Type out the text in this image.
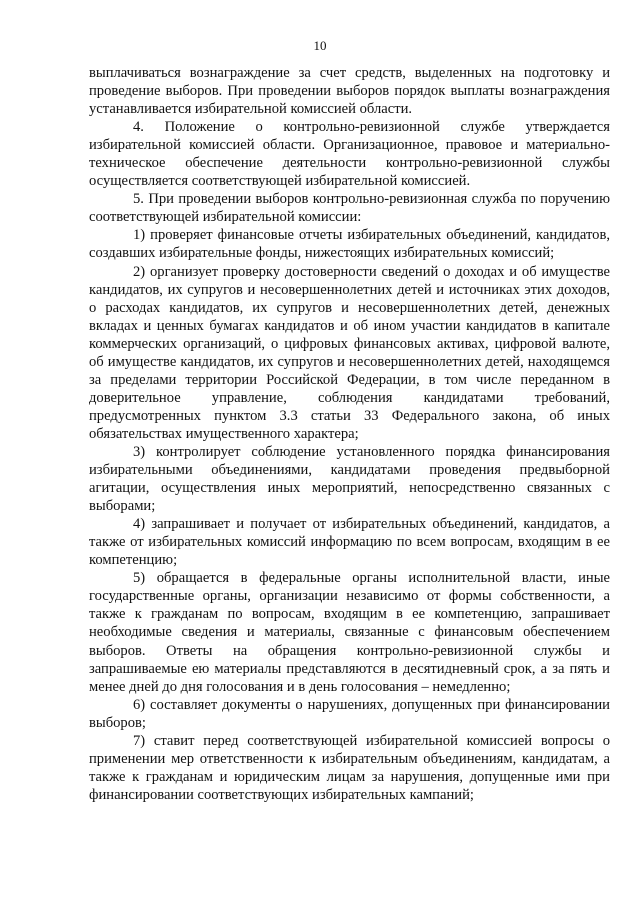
10

выплачиваться вознаграждение за счет средств, выделенных на подготовку и проведение выборов. При проведении выборов порядок выплаты вознаграждения устанавливается избирательной комиссией области.

4. Положение о контрольно-ревизионной службе утверждается избирательной комиссией области. Организационное, правовое и материально-техническое обеспечение деятельности контрольно-ревизионной службы осуществляется соответствующей избирательной комиссией.

5. При проведении выборов контрольно-ревизионная служба по поручению соответствующей избирательной комиссии:

1) проверяет финансовые отчеты избирательных объединений, кандидатов, создавших избирательные фонды, нижестоящих избирательных комиссий;

2) организует проверку достоверности сведений о доходах и об имуществе кандидатов, их супругов и несовершеннолетних детей и источниках этих доходов, о расходах кандидатов, их супругов и несовершеннолетних детей, денежных вкладах и ценных бумагах кандидатов и об ином участии кандидатов в капитале коммерческих организаций, о цифровых финансовых активах, цифровой валюте, об имуществе кандидатов, их супругов и несовершеннолетних детей, находящемся за пределами территории Российской Федерации, в том числе переданном в доверительное управление, соблюдения кандидатами требований, предусмотренных пунктом 3.3 статьи 33 Федерального закона, об иных обязательствах имущественного характера;

3) контролирует соблюдение установленного порядка финансирования избирательными объединениями, кандидатами проведения предвыборной агитации, осуществления иных мероприятий, непосредственно связанных с выборами;

4) запрашивает и получает от избирательных объединений, кандидатов, а также от избирательных комиссий информацию по всем вопросам, входящим в ее компетенцию;

5) обращается в федеральные органы исполнительной власти, иные государственные органы, организации независимо от формы собственности, а также к гражданам по вопросам, входящим в ее компетенцию, запрашивает необходимые сведения и материалы, связанные с финансовым обеспечением выборов. Ответы на обращения контрольно-ревизионной службы и запрашиваемые ею материалы представляются в десятидневный срок, а за пять и менее дней до дня голосования и в день голосования – немедленно;

6) составляет документы о нарушениях, допущенных при финансировании выборов;

7) ставит перед соответствующей избирательной комиссией вопросы о применении мер ответственности к избирательным объединениям, кандидатам, а также к гражданам и юридическим лицам за нарушения, допущенные ими при финансировании соответствующих избирательных кампаний;
